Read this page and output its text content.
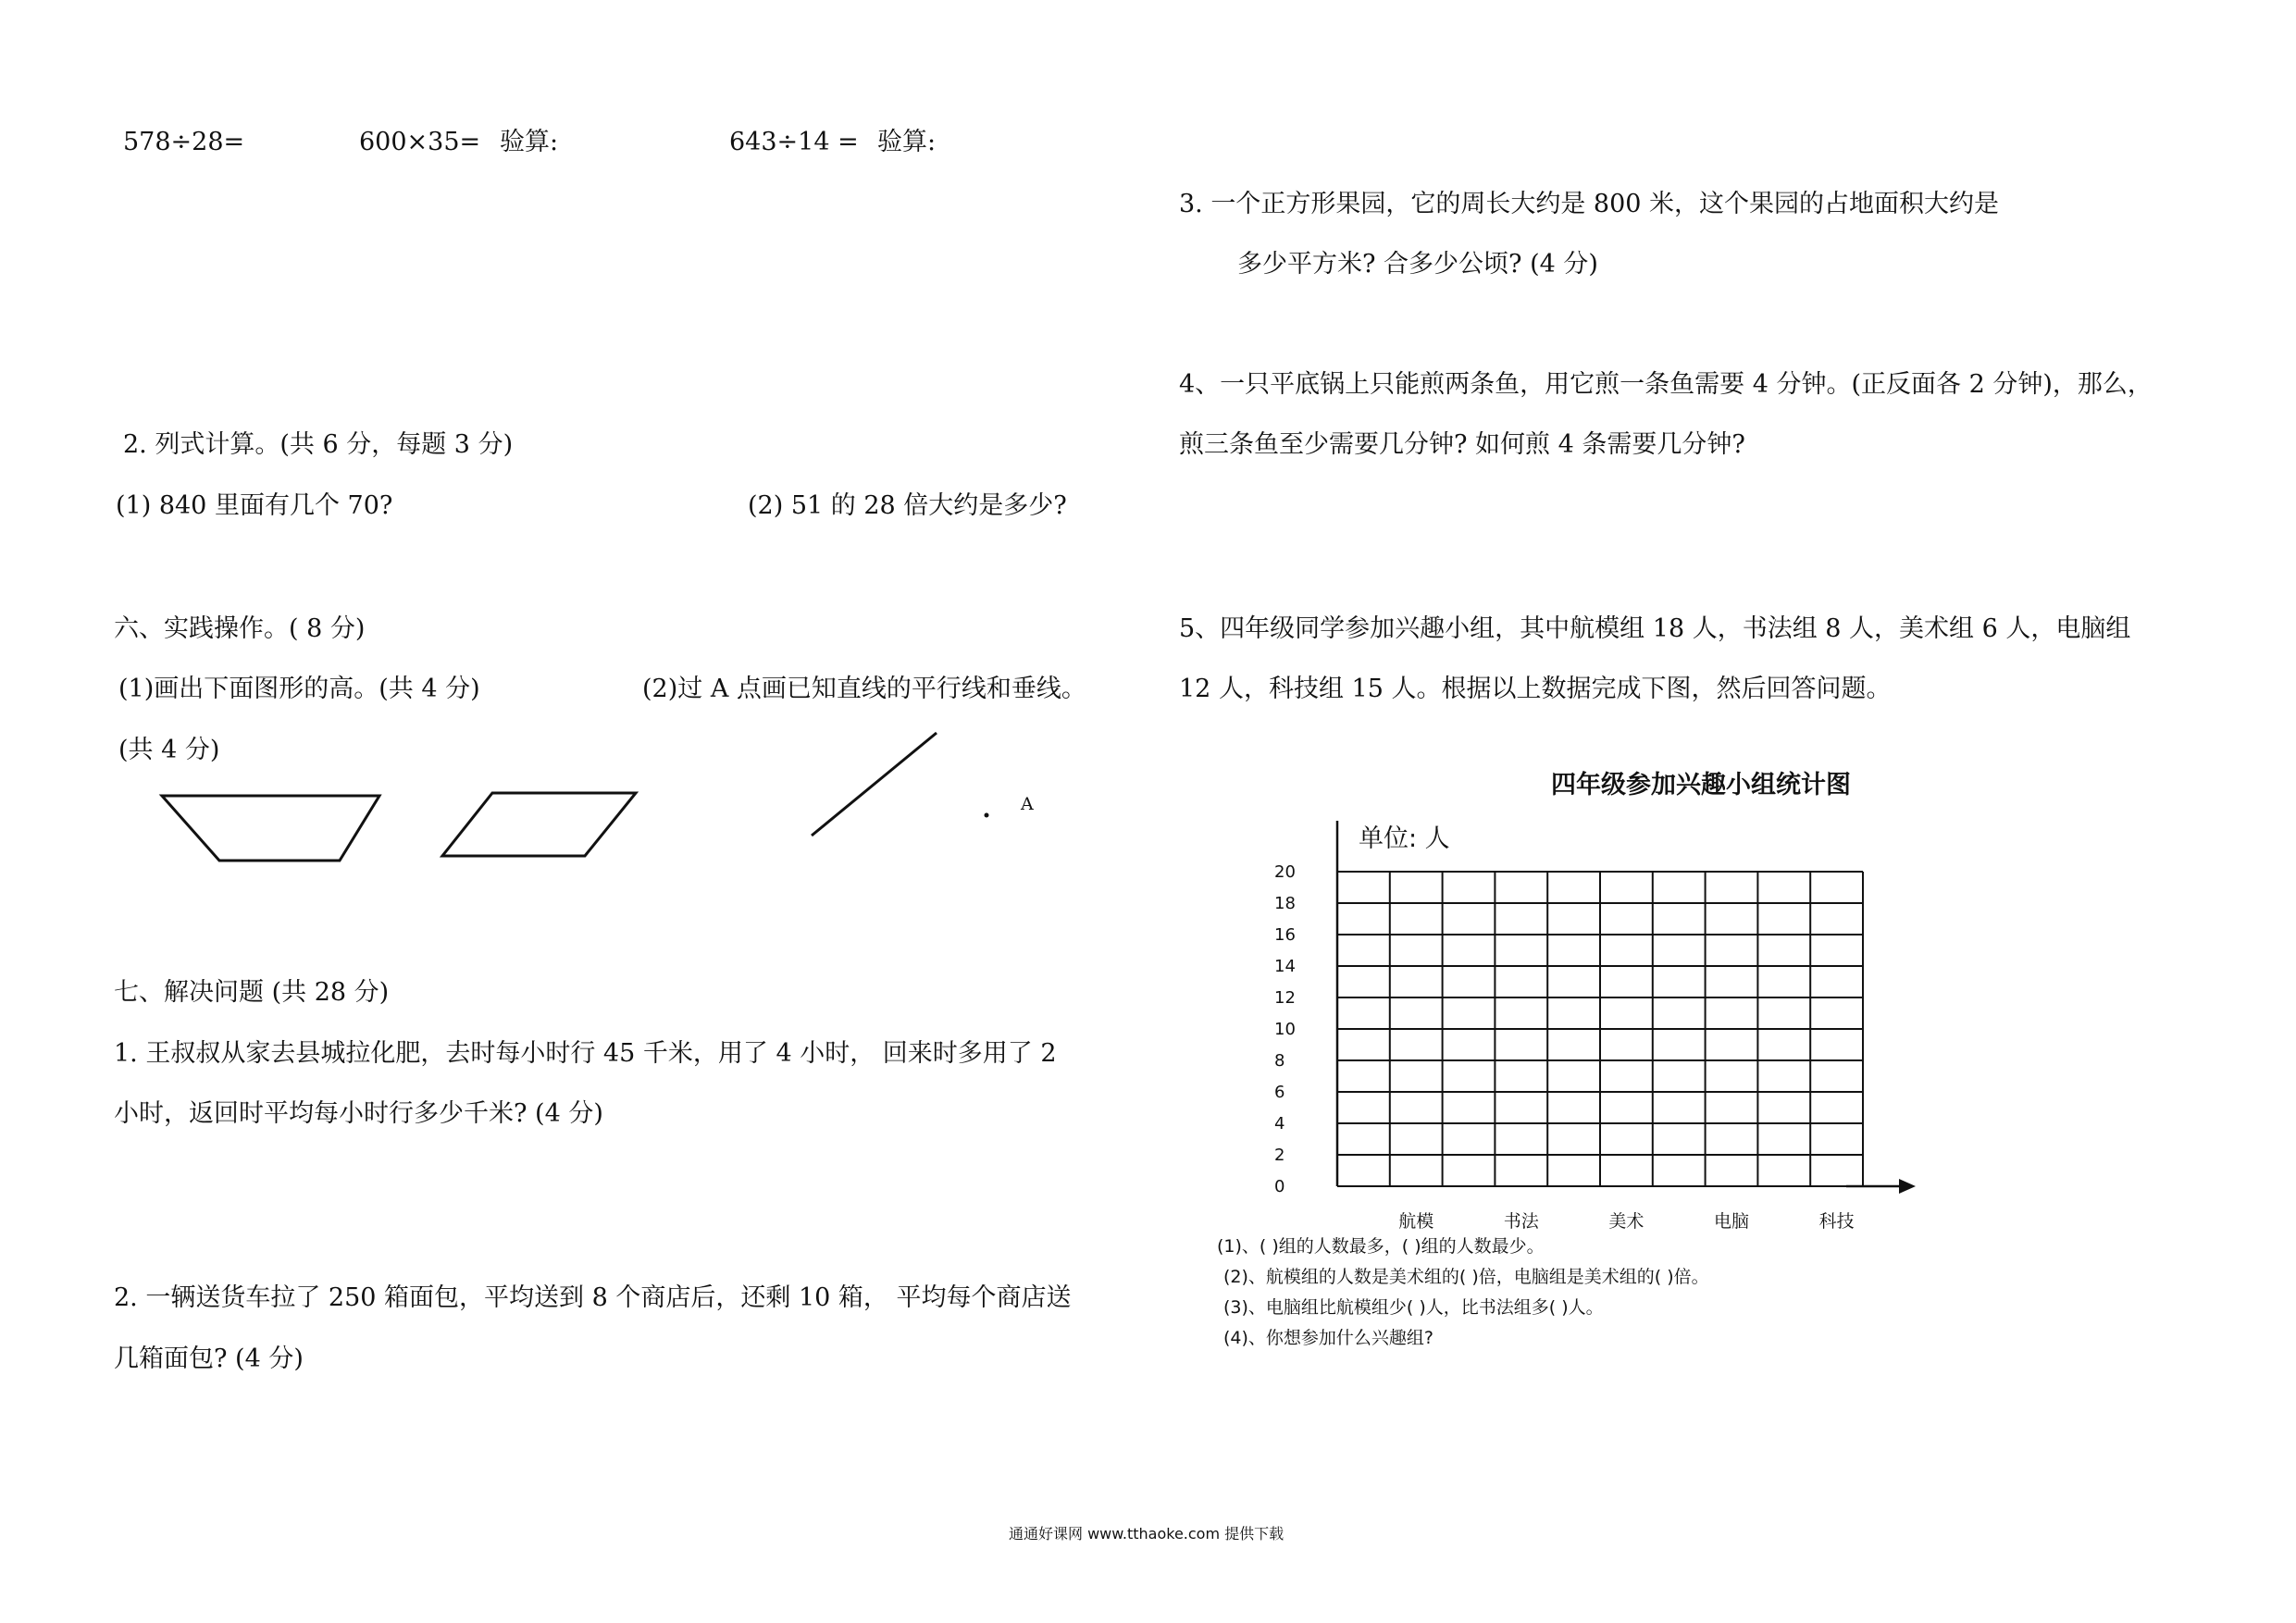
578÷28=	600×35= 验算:	643÷14 = 验算:
2. 列式计算。(共 6 分，每题 3 分)
(1) 840 里面有几个 70?	(2) 51 的 28 倍大约是多少?
六、实践操作。( 8 分)
(1)画出下面图形的高。(共 4 分)	(2)过 A 点画已知直线的平行线和垂线。
(共 4 分)
A
七、解决问题 (共 28 分)
1. 王叔叔从家去县城拉化肥，去时每小时行 45 千米，用了 4 小时， 回来时多用了 2
小时，返回时平均每小时行多少千米? (4 分)
2. 一辆送货车拉了 250 箱面包，平均送到 8 个商店后，还剩 10 箱， 平均每个商店送
几箱面包? (4 分)
3. 一个正方形果园，它的周长大约是 800 米，这个果园的占地面积大约是
多少平方米? 合多少公顷? (4 分)
4、一只平底锅上只能煎两条鱼，用它煎一条鱼需要 4 分钟。(正反面各 2 分钟)，那么，
煎三条鱼至少需要几分钟? 如何煎 4 条需要几分钟?
5、四年级同学参加兴趣小组，其中航模组 18 人，书法组 8 人，美术组 6 人，电脑组
12 人，科技组 15 人。根据以上数据完成下图，然后回答问题。
四年级参加兴趣小组统计图
单位: 人
20
18
16
14
12
10
8
6
4
2
0
航模	书法	美术	电脑	科技
(1)、( )组的人数最多，( )组的人数最少。
(2)、航模组的人数是美术组的( )倍，电脑组是美术组的( )倍。
(3)、电脑组比航模组少( )人，比书法组多( )人。
(4)、你想参加什么兴趣组?
通通好课网 www.tthaoke.com 提供下载
